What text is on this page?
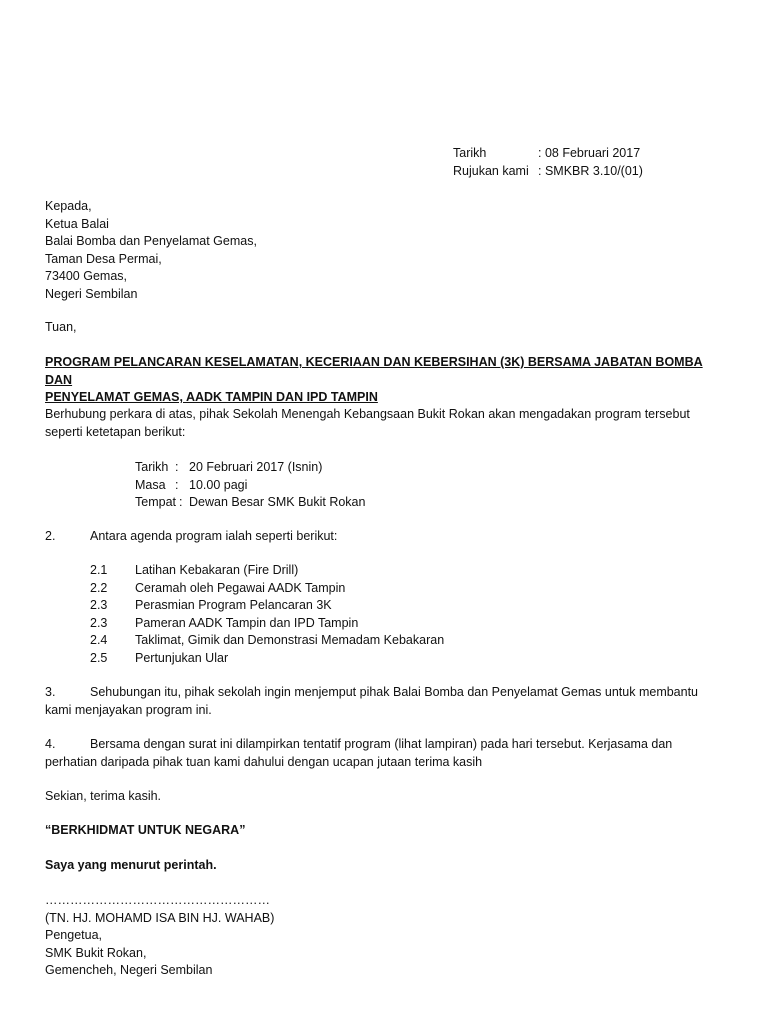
Tarikh	: 08 Februari 2017
Rujukan kami : SMKBR 3.10/(01)
Kepada,
Ketua Balai
Balai Bomba dan Penyelamat Gemas,
Taman Desa Permai,
73400 Gemas,
Negeri Sembilan
Tuan,
PROGRAM PELANCARAN KESELAMATAN, KECERIAAN DAN KEBERSIHAN (3K) BERSAMA JABATAN BOMBA DAN
PENYELAMAT GEMAS, AADK TAMPIN DAN IPD TAMPIN
Berhubung perkara di atas, pihak Sekolah Menengah Kebangsaan Bukit Rokan akan mengadakan program tersebut
seperti ketetapan berikut:
Tarikh : 20 Februari 2017 (Isnin)
Masa : 10.00 pagi
Tempat : Dewan Besar SMK Bukit Rokan
2.	Antara agenda program ialah seperti berikut:
2.1	Latihan Kebakaran (Fire Drill)
2.2	Ceramah oleh Pegawai AADK Tampin
2.3	Perasmian Program Pelancaran 3K
2.3	Pameran AADK Tampin dan IPD Tampin
2.4	Taklimat, Gimik dan Demonstrasi Memadam Kebakaran
2.5	Pertunjukan Ular
3.	Sehubungan itu, pihak sekolah ingin menjemput pihak Balai Bomba dan Penyelamat Gemas untuk membantu
kami menjayakan program ini.
4.	Bersama dengan surat ini dilampirkan tentatif program (lihat lampiran) pada hari tersebut. Kerjasama dan
perhatian daripada pihak tuan kami dahului dengan ucapan jutaan terima kasih
Sekian, terima kasih.
“BERKHIDMAT UNTUK NEGARA”
Saya yang menurut perintah.
………………………………………………
(TN. HJ. MOHAMD ISA BIN HJ. WAHAB)
Pengetua,
SMK Bukit Rokan,
Gemencheh, Negeri Sembilan
